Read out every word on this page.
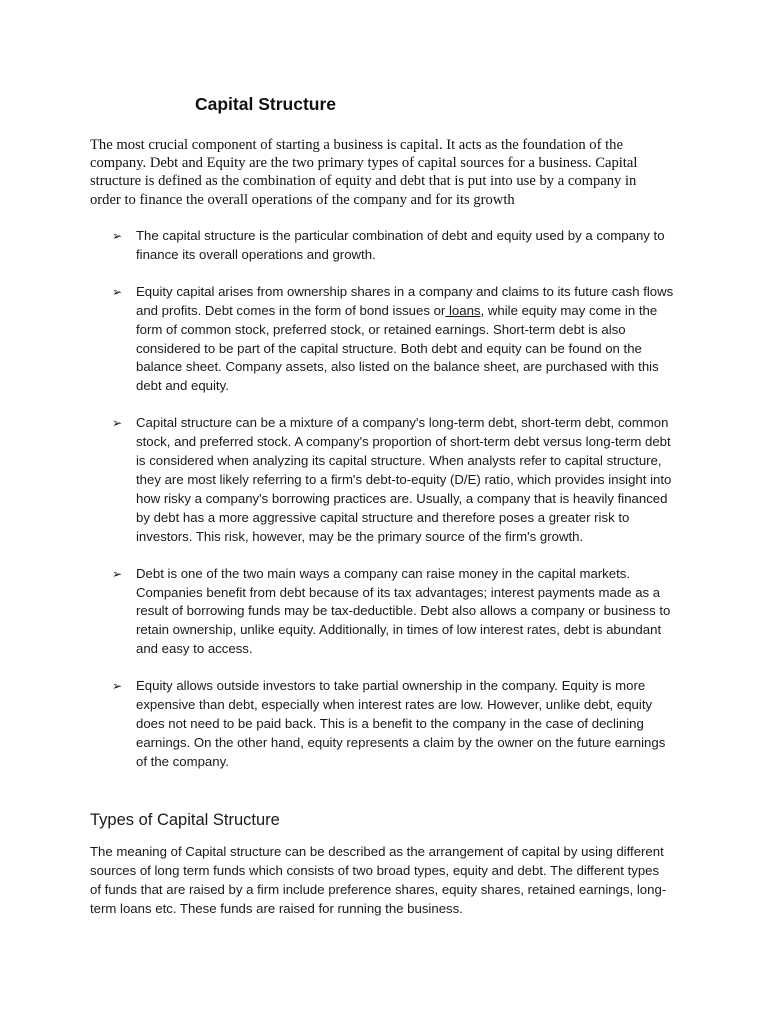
Capital Structure

The most crucial component of starting a business is capital. It acts as the foundation of the company. Debt and Equity are the two primary types of capital sources for a business. Capital structure is defined as the combination of equity and debt that is put into use by a company in order to finance the overall operations of the company and for its growth

➢ The capital structure is the particular combination of debt and equity used by a company to finance its overall operations and growth.
➢ Equity capital arises from ownership shares in a company and claims to its future cash flows and profits. Debt comes in the form of bond issues or loans, while equity may come in the form of common stock, preferred stock, or retained earnings. Short-term debt is also considered to be part of the capital structure. Both debt and equity can be found on the balance sheet. Company assets, also listed on the balance sheet, are purchased with this debt and equity.
➢ Capital structure can be a mixture of a company's long-term debt, short-term debt, common stock, and preferred stock. A company's proportion of short-term debt versus long-term debt is considered when analyzing its capital structure. When analysts refer to capital structure, they are most likely referring to a firm's debt-to-equity (D/E) ratio, which provides insight into how risky a company's borrowing practices are. Usually, a company that is heavily financed by debt has a more aggressive capital structure and therefore poses a greater risk to investors. This risk, however, may be the primary source of the firm's growth.
➢ Debt is one of the two main ways a company can raise money in the capital markets. Companies benefit from debt because of its tax advantages; interest payments made as a result of borrowing funds may be tax-deductible. Debt also allows a company or business to retain ownership, unlike equity. Additionally, in times of low interest rates, debt is abundant and easy to access.
➢ Equity allows outside investors to take partial ownership in the company. Equity is more expensive than debt, especially when interest rates are low. However, unlike debt, equity does not need to be paid back. This is a benefit to the company in the case of declining earnings. On the other hand, equity represents a claim by the owner on the future earnings of the company.
Types of Capital Structure

The meaning of Capital structure can be described as the arrangement of capital by using different sources of long term funds which consists of two broad types, equity and debt. The different types of funds that are raised by a firm include preference shares, equity shares, retained earnings, long-term loans etc. These funds are raised for running the business.
